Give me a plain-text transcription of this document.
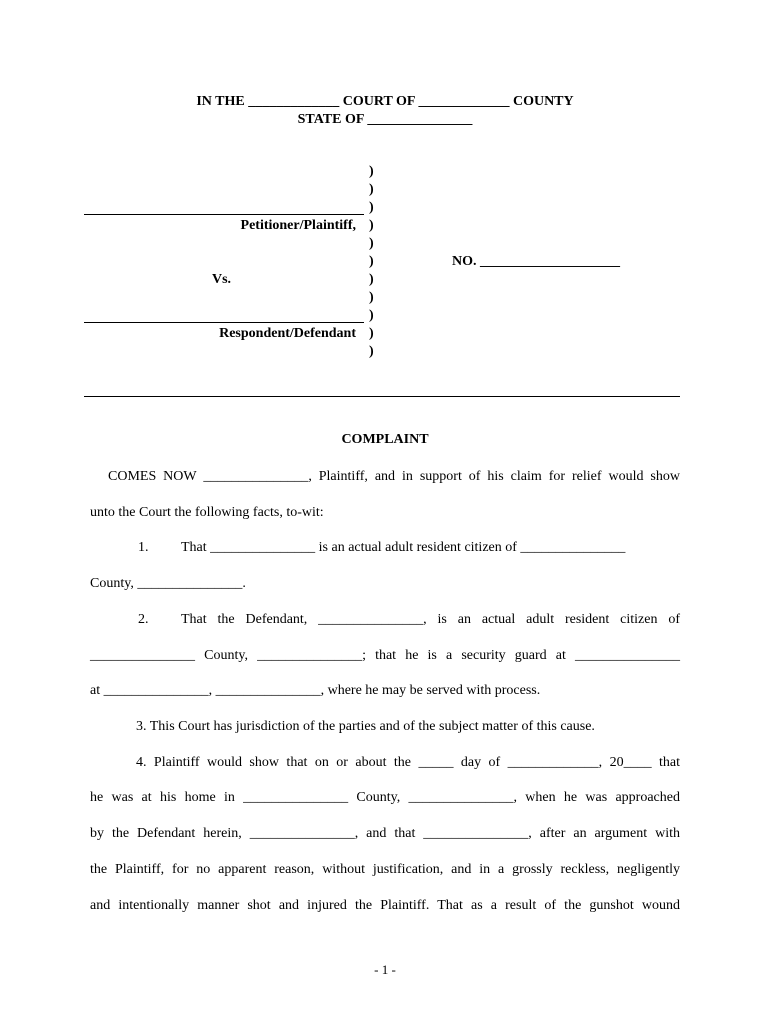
IN THE _____________ COURT OF _____________ COUNTY
STATE OF _______________
)
)
)
)
)
)
)
)
)
)
)
Petitioner/Plaintiff,
Vs.
Respondent/Defendant
NO. ____________________
COMPLAINT
COMES NOW _______________, Plaintiff, and in support of his claim for relief would show
unto the Court the following facts, to-wit:
1. That _______________ is an actual adult resident citizen of _______________
County, _______________.
2. That the Defendant, _______________, is an actual adult resident citizen of
_______________ County, _______________; that he is a security guard at _______________
at _______________, _______________, where he may be served with process.
3. This Court has jurisdiction of the parties and of the subject matter of this cause.
4. Plaintiff would show that on or about the _____ day of _____________, 20____ that
he was at his home in _______________ County, _______________, when he was approached
by the Defendant herein, _______________, and that _______________, after an argument with
the Plaintiff, for no apparent reason, without justification, and in a grossly reckless, negligently
and intentionally manner shot and injured the Plaintiff. That as a result of the gunshot wound
- 1 -
